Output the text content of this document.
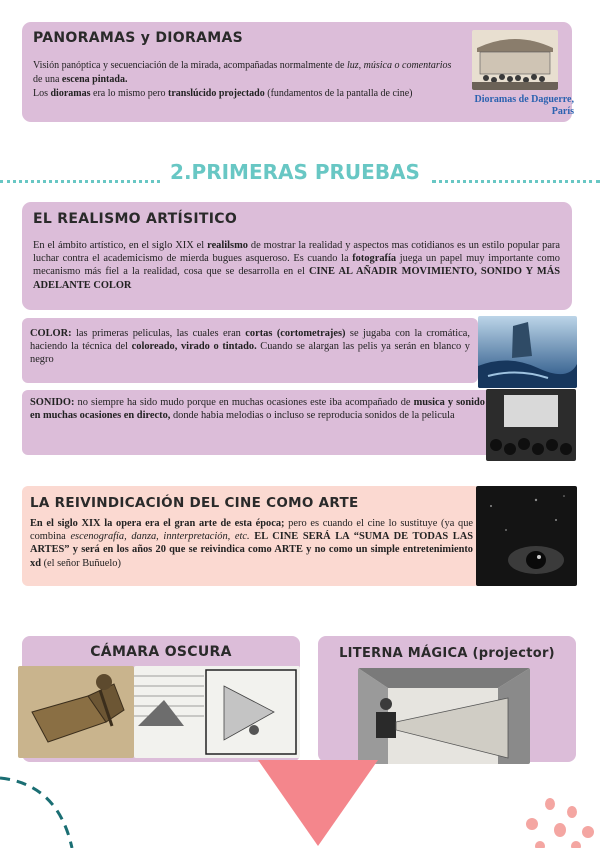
PANORAMAS y DIORAMAS
Visión panóptica y secuenciación de la mirada, acompañadas normalmente de luz, música o comentarios de una escena pintada.
Los dioramas era lo mismo pero translúcido projectado (fundamentos de la pantalla de cine)
Dioramas de Daguerre, París
2.PRIMERAS PRUEBAS
EL REALISMO ARTÍSITICO
En el ámbito artístico, en el siglo XIX el realilsmo de mostrar la realidad y aspectos mas cotidianos es un estilo popular para luchar contra el academicismo de mierda bugues asqueroso. Es cuando la fotografía juega un papel muy importante como mecanismo más fiel a la realidad, cosa que se desarrolla en el CINE AL AÑADIR MOVIMIENTO, SONIDO Y MÁS ADELANTE COLOR
COLOR: las primeras peliculas, las cuales eran cortas (cortometrajes) se jugaba con la cromática, haciendo la técnica del coloreado, virado o tintado. Cuando se alargan las pelis ya serán en blanco y negro
SONIDO: no siempre ha sido mudo porque en muchas ocasiones este iba acompañado de musica y sonido en muchas ocasiones en directo, donde habia melodias o incluso se reproducia sonidos de la pelicula
LA REIVINDICACIÓN DEL CINE COMO ARTE
En el siglo XIX la opera era el gran arte de esta época; pero es cuando el cine lo sustituye (ya que combina escenografía, danza, innterpretación, etc. EL CINE SERÁ LA “SUMA DE TODAS LAS ARTES” y será en los años 20 que se reivindica como ARTE y no como un simple entretenimiento xd (el señor Buñuelo)
CÁMARA OSCURA	LITERNA MÁGICA (projector)
